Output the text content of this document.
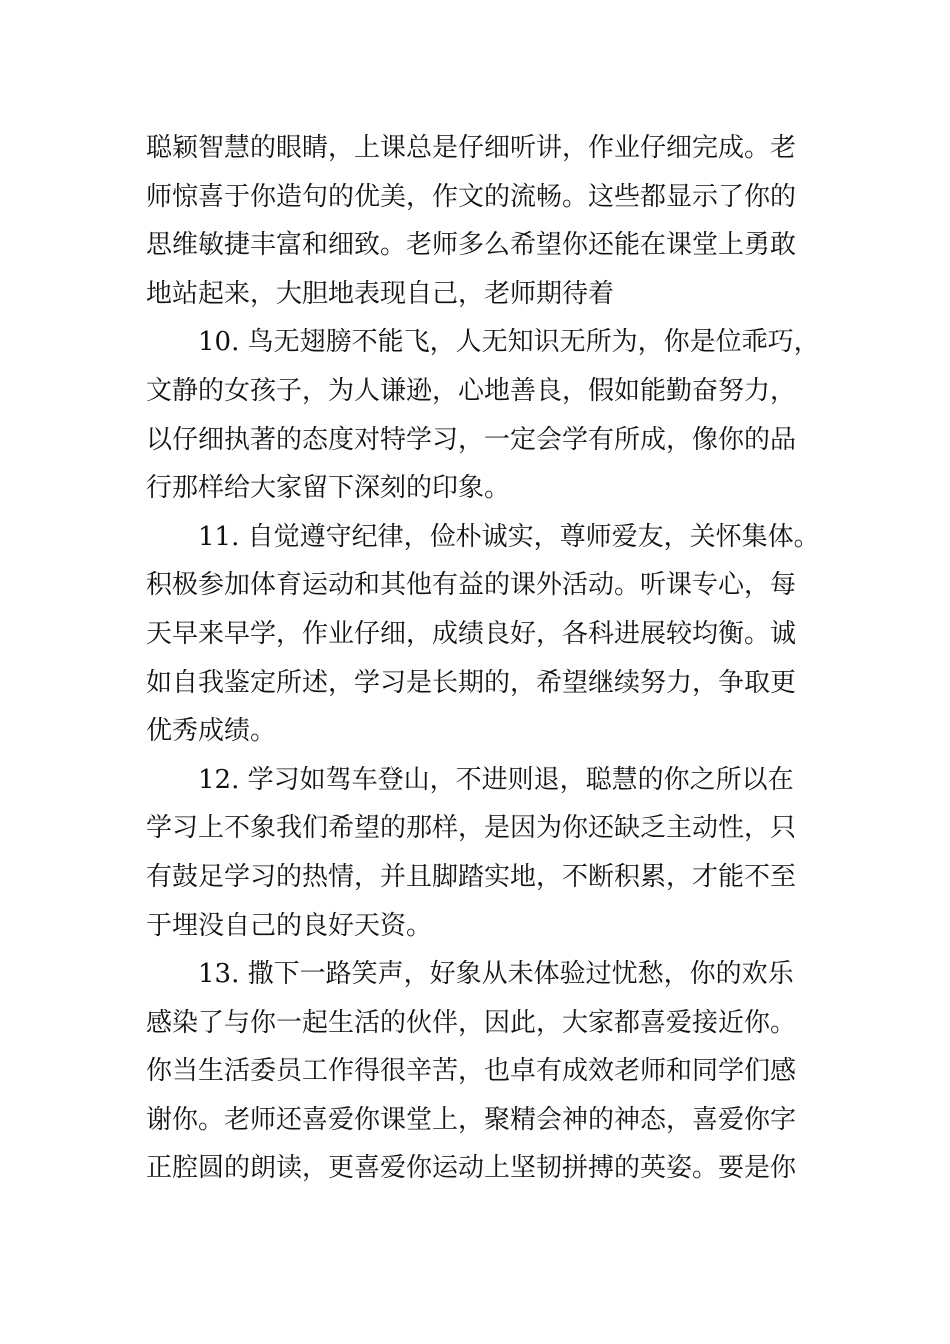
聪颖智慧的眼睛，上课总是仔细听讲，作业仔细完成。老

师惊喜于你造句的优美，作文的流畅。这些都显示了你的

思维敏捷丰富和细致。老师多么希望你还能在课堂上勇敢

地站起来，大胆地表现自己，老师期待着

10. 鸟无翅膀不能飞，人无知识无所为，你是位乖巧，

文静的女孩子，为人谦逊，心地善良，假如能勤奋努力，

以仔细执著的态度对特学习，一定会学有所成，像你的品

行那样给大家留下深刻的印象。

11. 自觉遵守纪律，俭朴诚实，尊师爱友，关怀集体。

积极参加体育运动和其他有益的课外活动。听课专心，每

天早来早学，作业仔细，成绩良好，各科进展较均衡。诚

如自我鉴定所述，学习是长期的，希望继续努力，争取更

优秀成绩。

12. 学习如驾车登山，不进则退，聪慧的你之所以在

学习上不象我们希望的那样，是因为你还缺乏主动性，只

有鼓足学习的热情，并且脚踏实地，不断积累，才能不至

于埋没自己的良好天资。

13. 撒下一路笑声，好象从未体验过忧愁，你的欢乐

感染了与你一起生活的伙伴，因此，大家都喜爱接近你。

你当生活委员工作得很辛苦，也卓有成效老师和同学们感

谢你。老师还喜爱你课堂上，聚精会神的神态，喜爱你字

正腔圆的朗读，更喜爱你运动上坚韧拼搏的英姿。要是你
